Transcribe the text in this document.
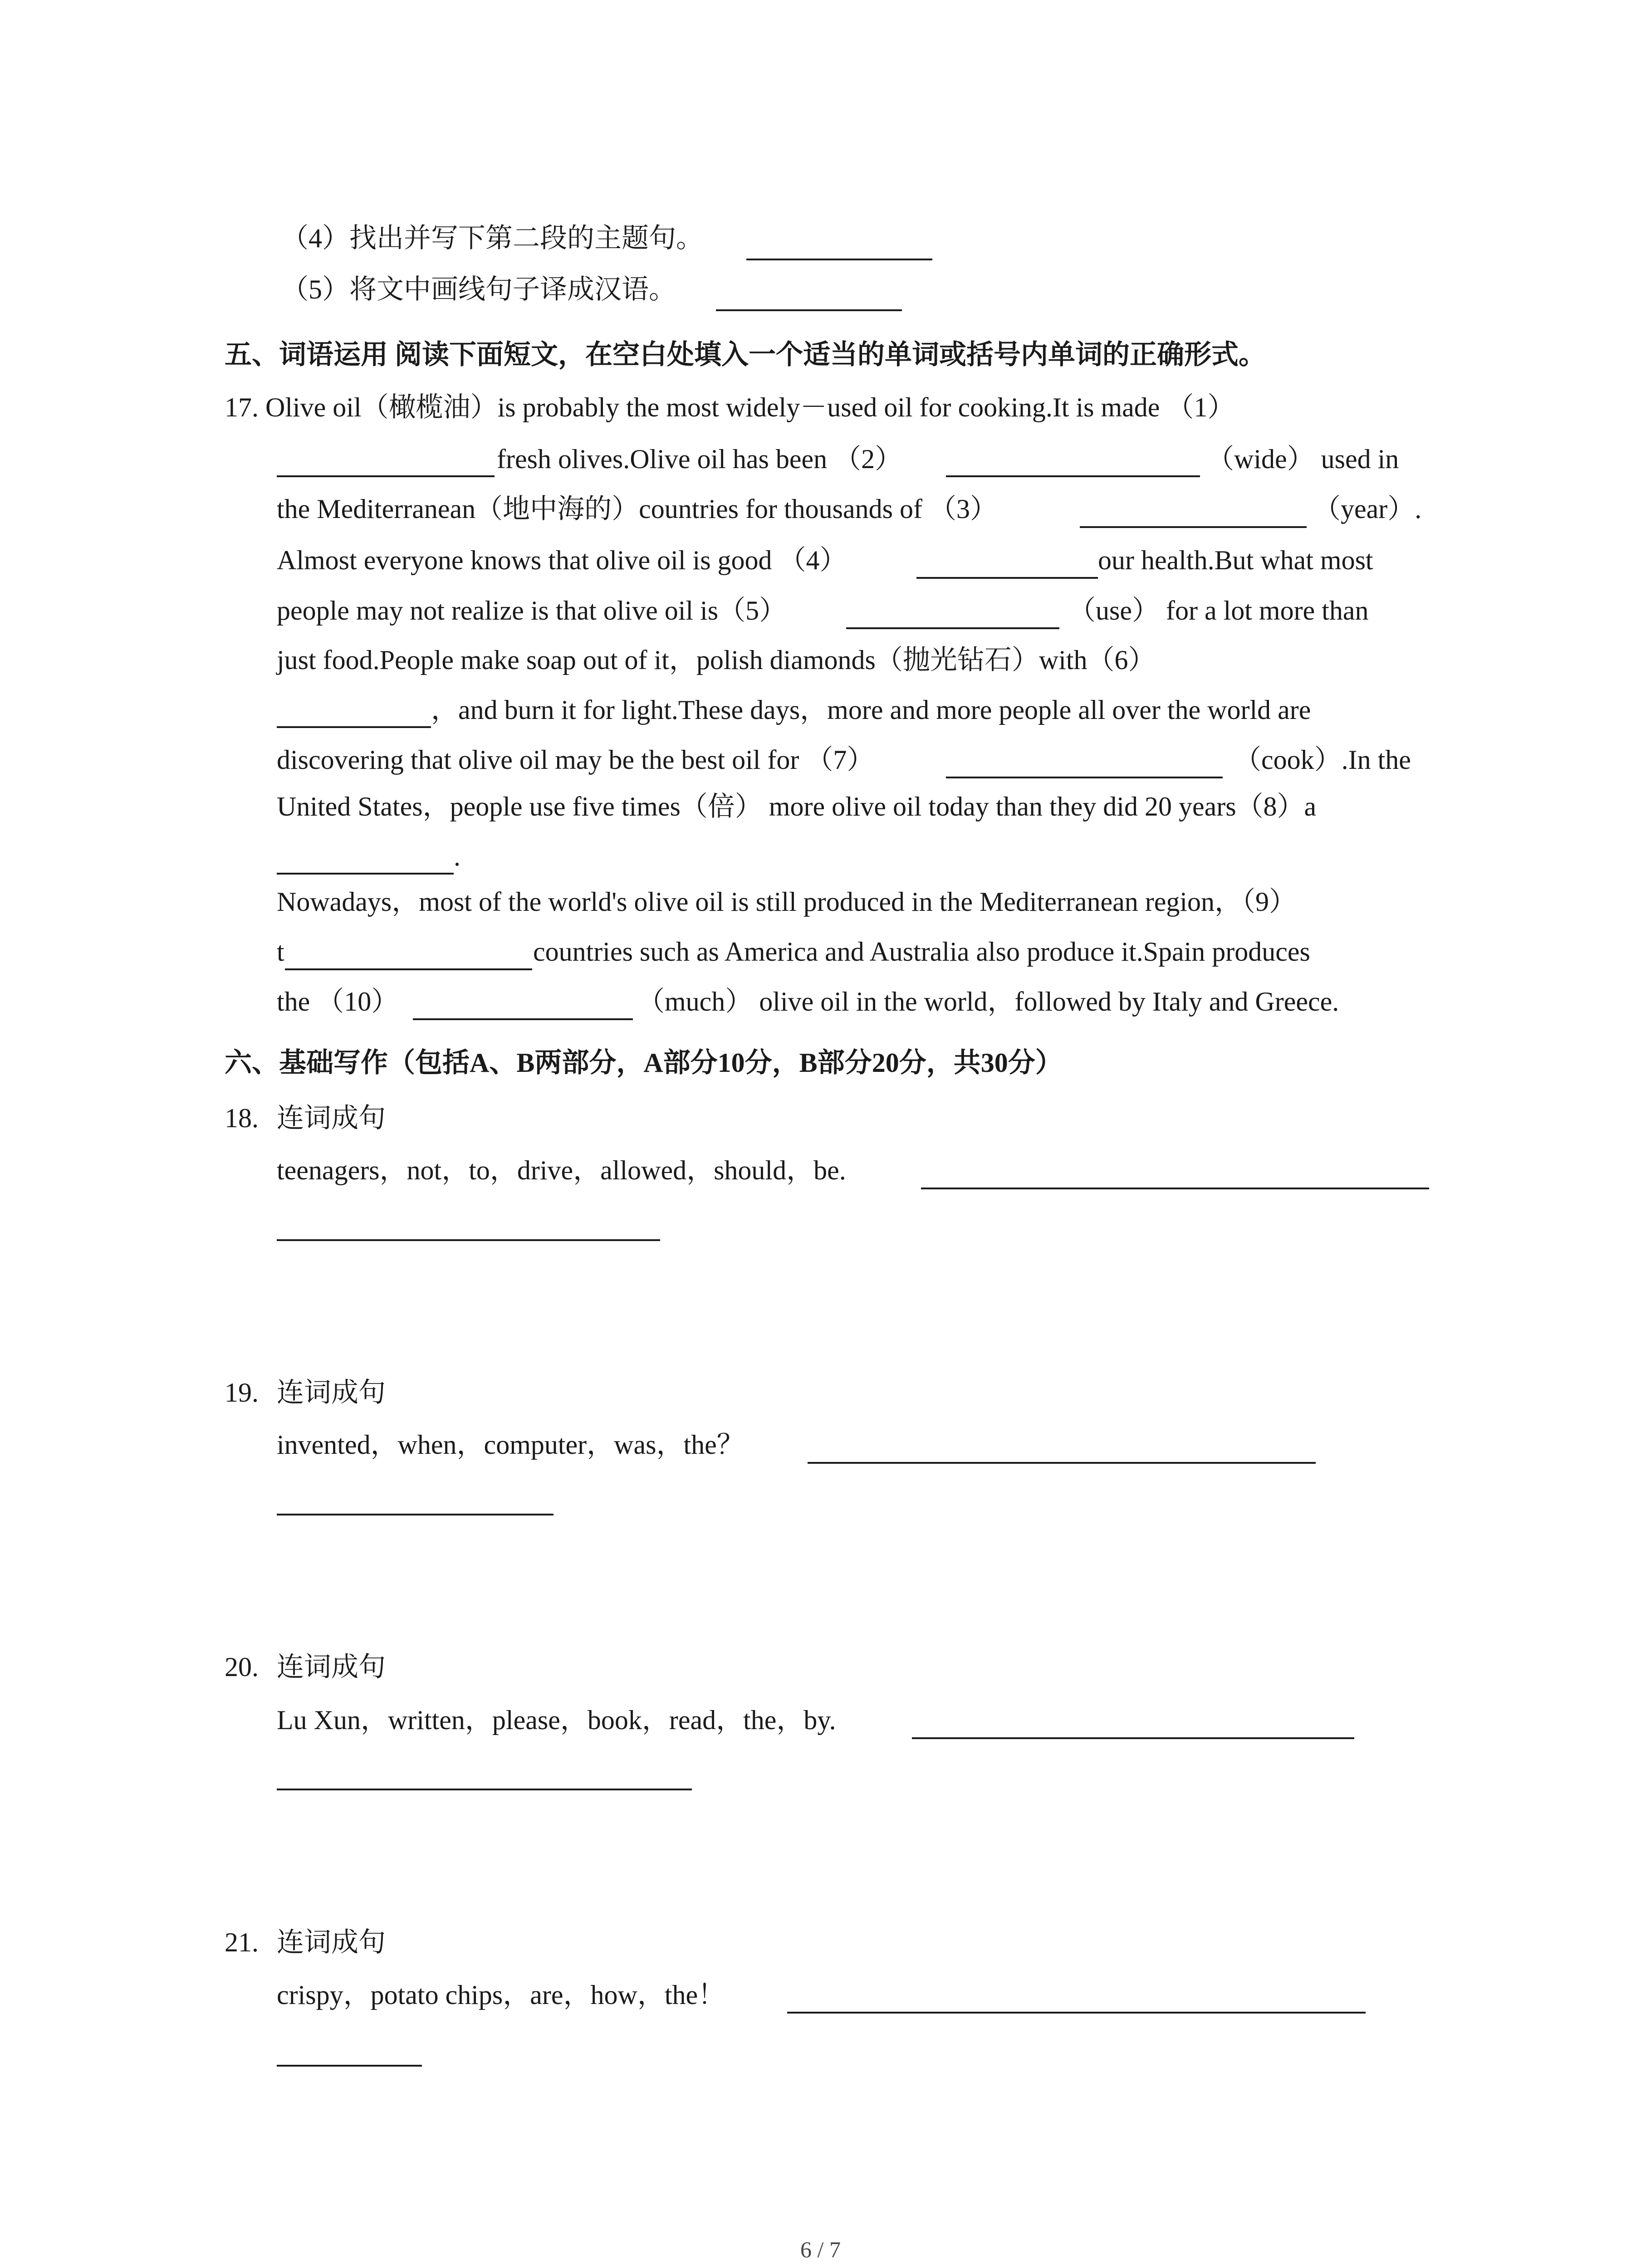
（4）找出并写下第二段的主题句。
（5）将文中画线句子译成汉语。
五、词语运用 阅读下面短文，在空白处填入一个适当的单词或括号内单词的正确形式。
17. Olive oil（橄榄油）is probably the most widely－used oil for cooking.It is made （1）
fresh olives.Olive oil has been （2）	（wide） used in
the Mediterranean（地中海的）countries for thousands of （3）	（year）.
Almost everyone knows that olive oil is good （4）	our health.But what most
people may not realize is that olive oil is（5）	（use） for a lot more than
just food.People make soap out of it，polish diamonds（抛光钻石）with（6）
，and burn it for light.These days，more and more people all over the world are
discovering that olive oil may be the best oil for （7）	（cook）.In the
United States，people use five times（倍） more olive oil today than they did 20 years（8）a
.
Nowadays，most of the world's olive oil is still produced in the Mediterranean region，（9）
t	countries such as America and Australia also produce it.Spain produces
the （10）	（much） olive oil in the world，followed by Italy and Greece.
六、基础写作（包括A、B两部分，A部分10分，B部分20分，共30分）
18. 连词成句
teenagers，not，to，drive，allowed，should，be.
19. 连词成句
invented，when，computer，was，the？
20. 连词成句
Lu Xun，written，please，book，read，the，by.
21. 连词成句
crispy，potato chips，are，how，the！
6 / 7
